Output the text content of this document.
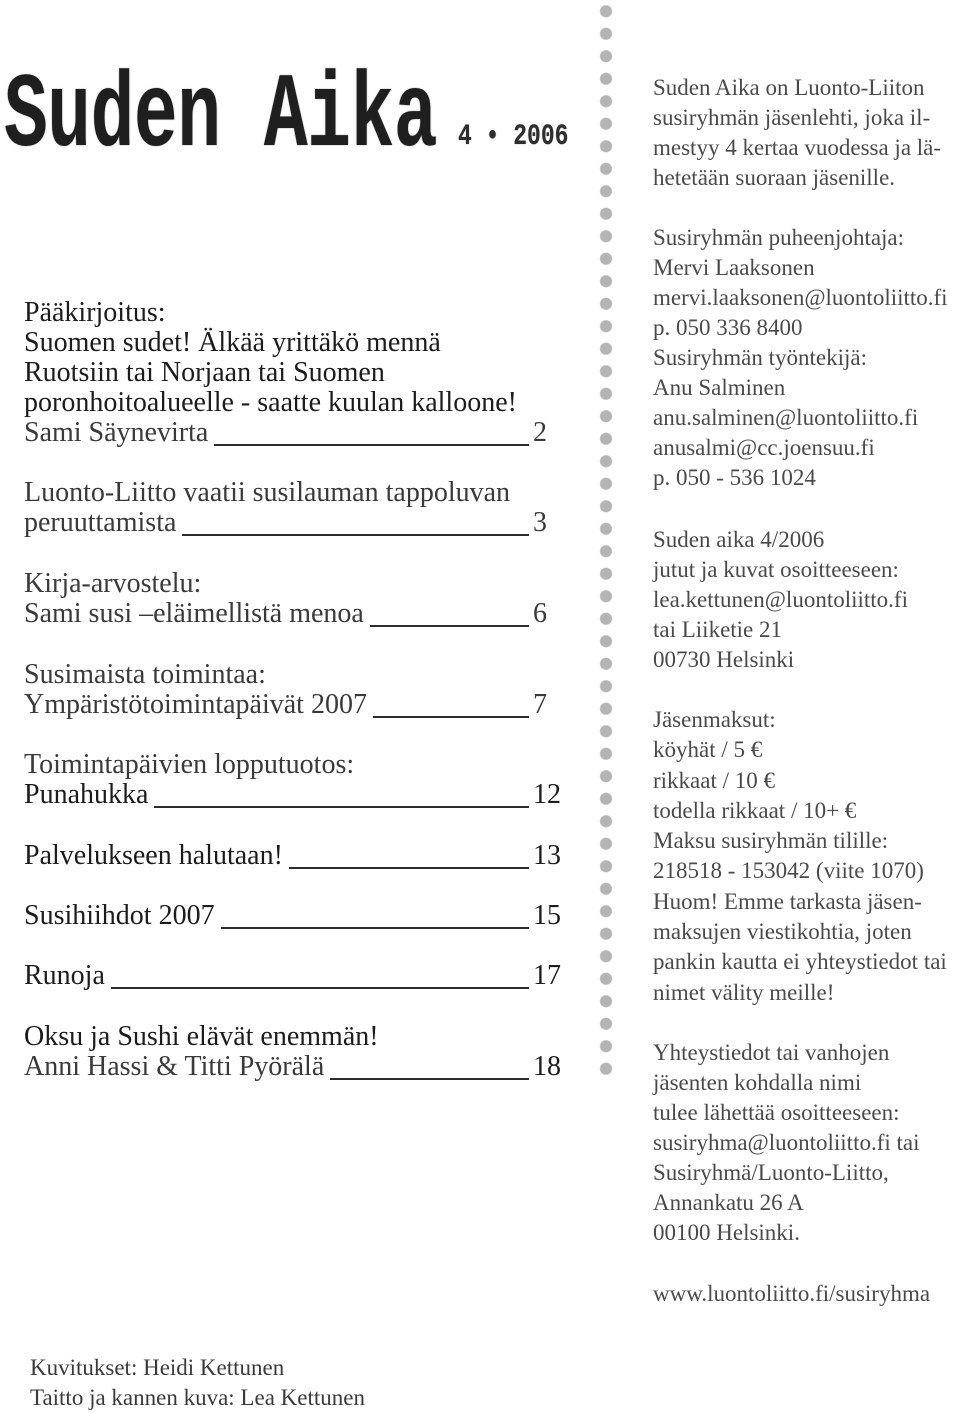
Suden Aika 4 • 2006
Pääkirjoitus:
Suomen sudet! Älkää yrittäkö mennä
Ruotsiin tai Norjaan tai Suomen
poronhoitoalueelle - saatte kuulan kalloone!
Sami Säynevirta	2
Luonto-Liitto vaatii susilauman tappoluvan
peruuttamista	3
Kirja-arvostelu:
Sami susi –eläimellistä menoa	6
Susimaista toimintaa:
Ympäristötoimintapäivät 2007	7
Toimintapäivien lopputuotos:
Punahukka	12
Palvelukseen halutaan!	13
Susihiihdot 2007	15
Runoja	17
Oksu ja Sushi elävät enemmän!
Anni Hassi & Titti Pyörälä	18
Suden Aika on Luonto-Liiton
susiryhmän jäsenlehti, joka il-
mestyy 4 kertaa vuodessa ja lä-
hetetään suoraan jäsenille.
Susiryhmän puheenjohtaja:
Mervi Laaksonen
mervi.laaksonen@luontoliitto.fi
p. 050 336 8400
Susiryhmän työntekijä:
Anu Salminen
anu.salminen@luontoliitto.fi
anusalmi@cc.joensuu.fi
p. 050 - 536 1024
Suden aika 4/2006
jutut ja kuvat osoitteeseen:
lea.kettunen@luontoliitto.fi
tai Liiketie 21
00730 Helsinki
Jäsenmaksut:
köyhät / 5 €
rikkaat / 10 €
todella rikkaat / 10+ €
Maksu susiryhmän tilille:
218518 - 153042 (viite 1070)
Huom! Emme tarkasta jäsen-
maksujen viestikohtia, joten
pankin kautta ei yhteystiedot tai
nimet välity meille!
Yhteystiedot tai vanhojen
jäsenten kohdalla nimi
tulee lähettää osoitteeseen:
susiryhma@luontoliitto.fi tai
Susiryhmä/Luonto-Liitto,
Annankatu 26 A
00100 Helsinki.
www.luontoliitto.fi/susiryhma
Kuvitukset: Heidi Kettunen
Taitto ja kannen kuva: Lea Kettunen
